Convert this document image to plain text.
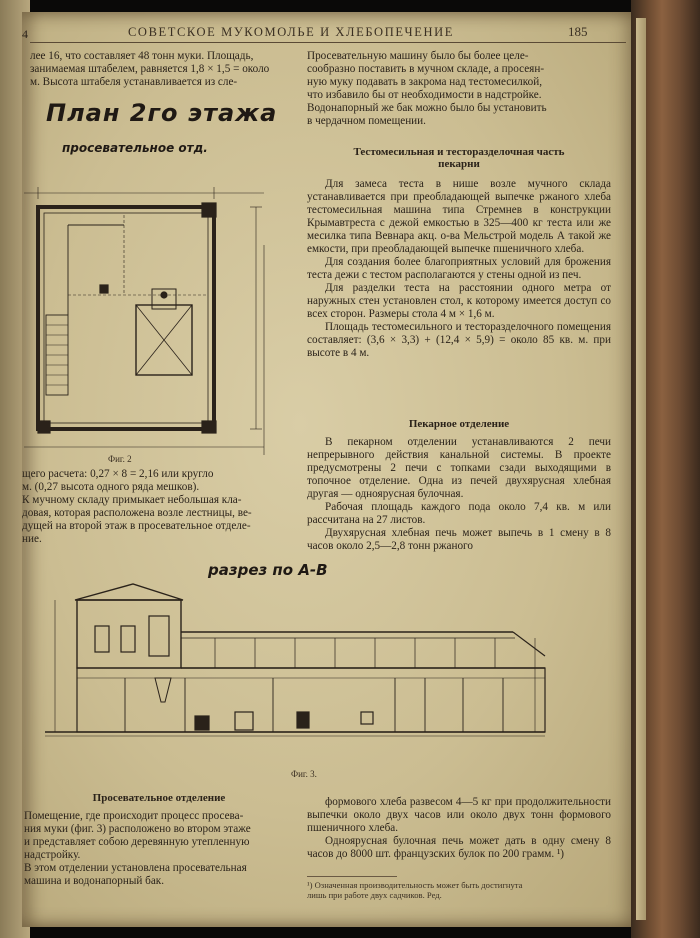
4	СОВЕТСКОЕ МУКОМОЛЬЕ И ХЛЕБОПЕЧЕНИЕ	185

лее 16, что составляет 48 тонн муки. Площадь,

занимаемая штабелем, равняется 1,8 × 1,5 = около

м. Высота штабеля устанавливается из сле-

План 2го этажа
просевательное отд.
Фиг. 2

щего расчета: 0,27 × 8 = 2,16 или кругло

м. (0,27 высота одного ряда мешков).

К мучному складу примыкает небольшая кла-

довая, которая расположена возле лестницы, ве-

дущей на второй этаж в просевательное отделе-

ние.

Просевательную машину было бы более целе-

сообразно поставить в мучном складе, а просеян-

ную муку подавать в закрома над тестомесилкой,

что избавило бы от необходимости в надстройке.

Водонапорный же бак можно было бы установить

в чердачном помещении.

Тестомесильная и тесторазделочная часть
пекарни

Для замеса теста в нише возле мучного склада устанавливается при преобладающей выпечке ржаного хлеба тестомесильная машина типа Стремнев в конструкции Крымавтреста с дежой емкостью в 325—400 кг теста или же месилка типа Вевнара акц. о-ва Мельстрой модель А такой же емкости, при преобладающей выпечке пшеничного хлеба.

Для создания более благоприятных условий для брожения теста дежи с тестом располагаются у стены одной из печ.

Для разделки теста на расстоянии одного метра от наружных стен установлен стол, к которому имеется доступ со всех сторон. Размеры стола 4 м × 1,6 м.

Площадь тестомесильного и тесторазделочного помещения составляет: (3,6 × 3,3) + (12,4 × 5,9) = около 85 кв. м. при высоте в 4 м.

Пекарное отделение

В пекарном отделении устанавливаются 2 печи непрерывного действия канальной системы. В проекте предусмотрены 2 печи с топками сзади выходящими в топочное отделение. Одна из печей двухярусная хлебная другая — одноярусная булочная.

Рабочая площадь каждого пода около 7,4 кв. м или рассчитана на 27 листов.

Двухярусная хлебная печь может выпечь в 1 смену в 8 часов около 2,5—2,8 тонн ржаного

разрез по А-В
Фиг. 3.
Просевательное отделение

Помещение, где происходит процесс просева-

ния муки (фиг. 3) расположено во втором этаже

и представляет собою деревянную утепленную

надстройку.

В этом отделении установлена просевательная

машина и водонапорный бак.

формового хлеба развесом 4—5 кг при продолжительности выпечки около двух часов или около двух тонн формового пшеничного хлеба.

Одноярусная булочная печь может дать в одну смену 8 часов до 8000 шт. французских булок по 200 грамм. ¹)

¹) Означенная производительность может быть достигнута
лишь при работе двух садчиков. Ред.
